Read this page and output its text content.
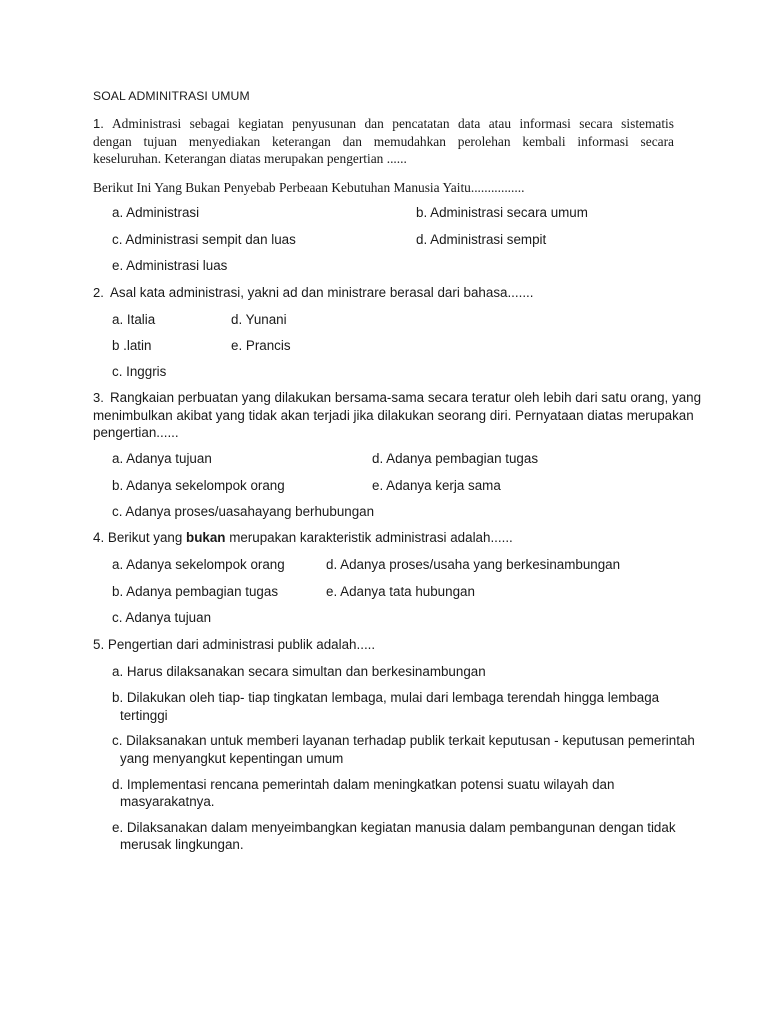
SOAL ADMINITRASI UMUM
1. Administrasi sebagai kegiatan penyusunan dan pencatatan data atau informasi secara sistematis
dengan tujuan menyediakan keterangan dan memudahkan perolehan kembali informasi secara
keseluruhan. Keterangan diatas merupakan pengertian ......
Berikut Ini Yang Bukan Penyebab Perbeaan Kebutuhan Manusia Yaitu................
a. Administrasi	b. Administrasi secara umum
c. Administrasi sempit dan luas	d. Administrasi sempit
e. Administrasi luas
2. Asal kata administrasi, yakni ad dan ministrare berasal dari bahasa.......
a. Italia	d. Yunani
b .latin	e. Prancis
c. Inggris
3. Rangkaian perbuatan yang dilakukan bersama-sama secara teratur oleh lebih dari satu orang, yang
menimbulkan akibat yang tidak akan terjadi jika dilakukan seorang diri. Pernyataan diatas merupakan
pengertian......
a. Adanya tujuan	d. Adanya pembagian tugas
b. Adanya sekelompok orang	e. Adanya kerja sama
c. Adanya proses/uasahayang berhubungan
4. Berikut yang bukan merupakan karakteristik administrasi adalah......
a. Adanya sekelompok orang	d. Adanya proses/usaha yang berkesinambungan
b. Adanya pembagian tugas	e. Adanya tata hubungan
c. Adanya tujuan
5. Pengertian dari administrasi publik adalah.....
a. Harus dilaksanakan secara simultan dan berkesinambungan
b. Dilakukan oleh tiap- tiap tingkatan lembaga, mulai dari lembaga terendah hingga lembaga
tertinggi
c. Dilaksanakan untuk memberi layanan terhadap publik terkait keputusan - keputusan pemerintah
yang menyangkut kepentingan umum
d. Implementasi rencana pemerintah dalam meningkatkan potensi suatu wilayah dan
masyarakatnya.
e. Dilaksanakan dalam menyeimbangkan kegiatan manusia dalam pembangunan dengan tidak
merusak lingkungan.
